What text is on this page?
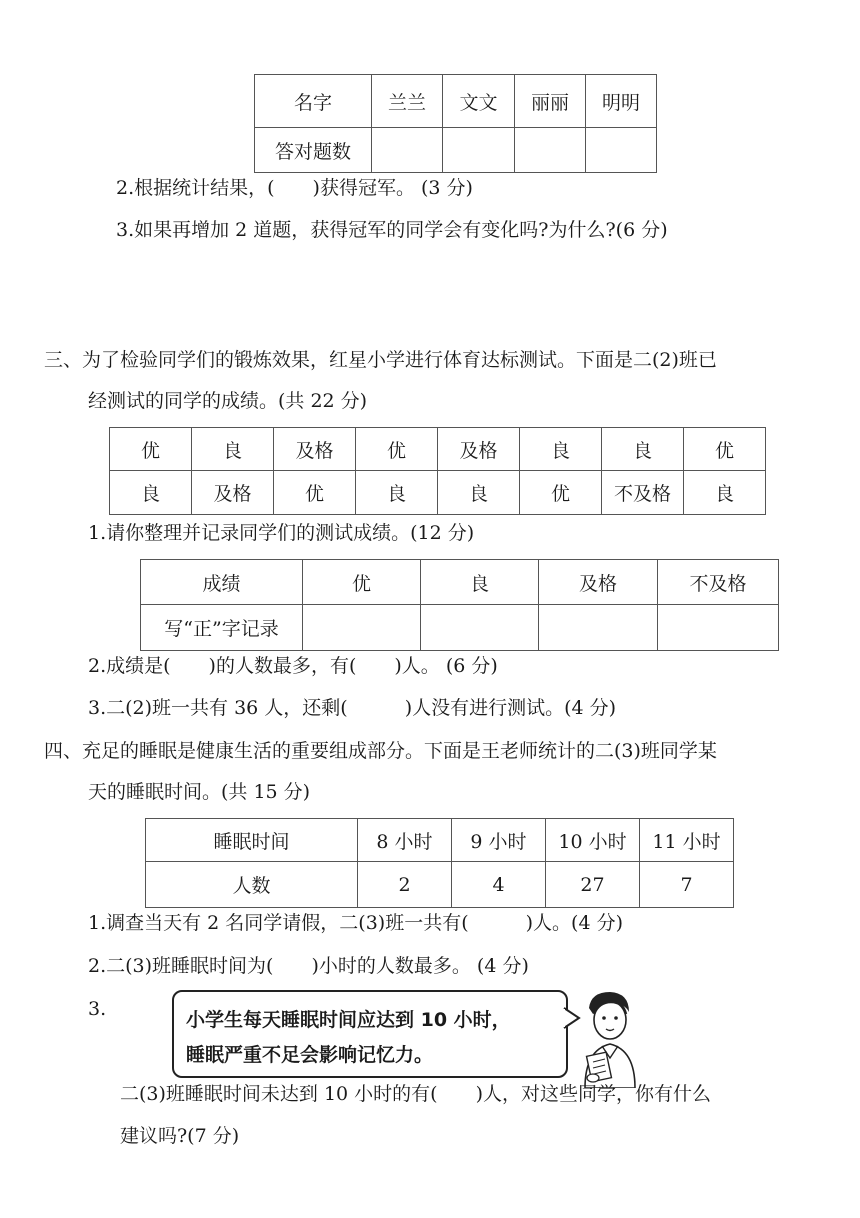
名字	兰兰	文文	丽丽	明明
答对题数				
2.根据统计结果，(　　)获得冠军。 (3 分)
3.如果再增加 2 道题，获得冠军的同学会有变化吗?为什么?(6 分)
三、为了检验同学们的锻炼效果，红星小学进行体育达标测试。下面是二(2)班已
经测试的同学的成绩。(共 22 分)
优	良	及格	优	及格	良	良	优
良	及格	优	良	良	优	不及格	良
1.请你整理并记录同学们的测试成绩。(12 分)
成绩	优	良	及格	不及格
写“正”字记录				
2.成绩是(　　)的人数最多，有(　　)人。 (6 分)
3.二(2)班一共有 36 人，还剩(　　　)人没有进行测试。(4 分)
四、充足的睡眠是健康生活的重要组成部分。下面是王老师统计的二(3)班同学某
天的睡眠时间。(共 15 分)
睡眠时间	8 小时	9 小时	10 小时	11 小时
人数	2	4	27	7
1.调查当天有 2 名同学请假，二(3)班一共有(　　　)人。(4 分)
2.二(3)班睡眠时间为(　　)小时的人数最多。 (4 分)
3.	小学生每天睡眠时间应达到 10 小时，
睡眠严重不足会影响记忆力。
二(3)班睡眠时间未达到 10 小时的有(　　)人，对这些同学，你有什么
建议吗?(7 分)
